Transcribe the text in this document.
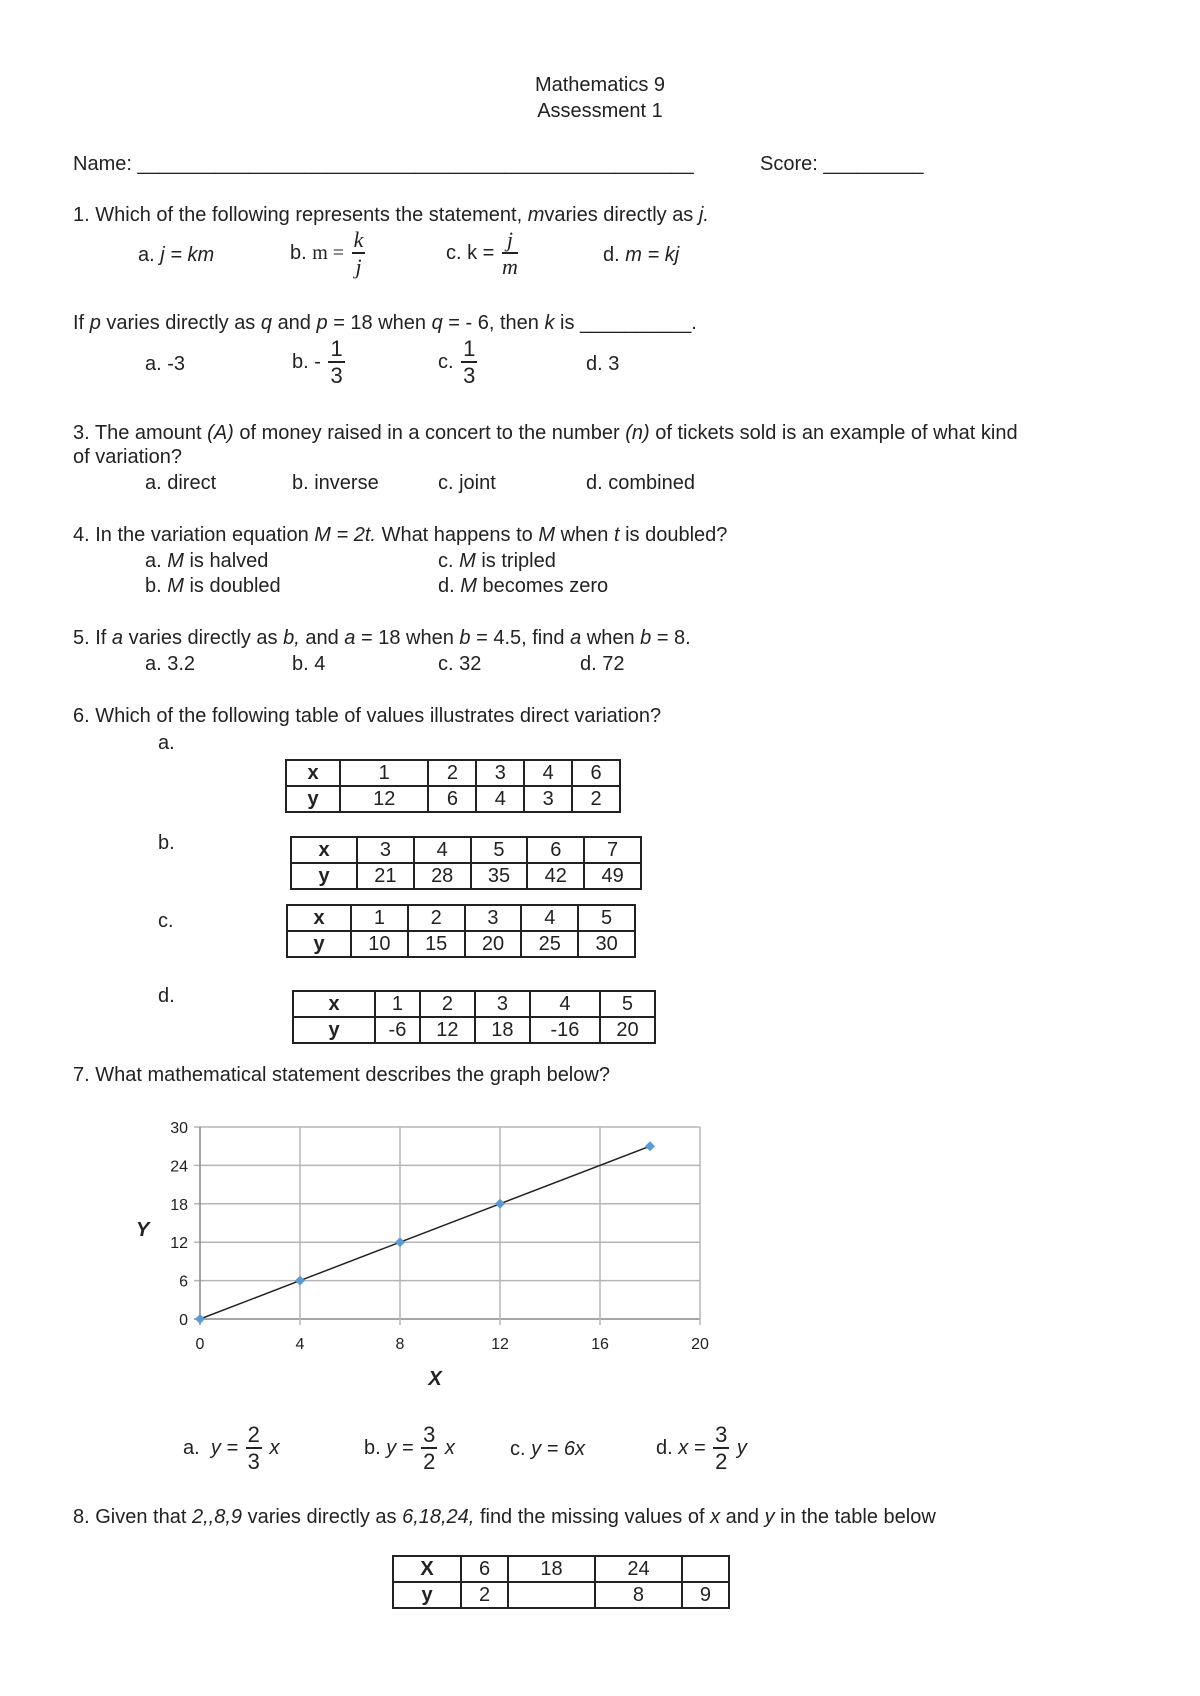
Mathematics 9
Assessment 1
Name: __________________________________________________	Score: _________
1. Which of the following represents the statement, mvaries directly as j.
a. j = km	b. $m = \frac{k}{j}$	c. $k = \frac{j}{m}$	d. m = kj
If p varies directly as q and p = 18 when q = - 6, then k is __________.
a. -3	b. - $\frac{1}{3}$	c. $\frac{1}{3}$	d. 3
3. The amount (A) of money raised in a concert to the number (n) of tickets sold is an example of what kind
of variation?
a. direct	b. inverse	c. joint	d. combined
4. In the variation equation M = 2t. What happens to M when t is doubled?
a. M is halved
b. M is doubled
c. M is tripled
d. M becomes zero
5. If a varies directly as b, and a = 18 when b = 4.5, find a when b = 8.
a. 3.2	b. 4	c. 32	d. 72
6. Which of the following table of values illustrates direct variation?
a.
x	1	2	3	4	6
y	12	6	4	3	2
b.	x	3	4	5	6	7
y	21	28	35	42	49
c.	x	1	2	3	4	5
y	10	15	20	25	30
d.	x	1	2	3	4	5
y	-6	12	18	-16	20
7. What mathematical statement describes the graph below?
0
6
12
18
24
30
0	4	8	12	16	20
Y
X
a. $y = \frac{2}{3}$ x	b. $y = \frac{3}{2}$ x	c. y = 6x	d. $x = \frac{3}{2}$ y
8. Given that 2,,8,9 varies directly as 6,18,24, find the missing values of x and y in the table below
X	6	18	24	
y	2		8	9
